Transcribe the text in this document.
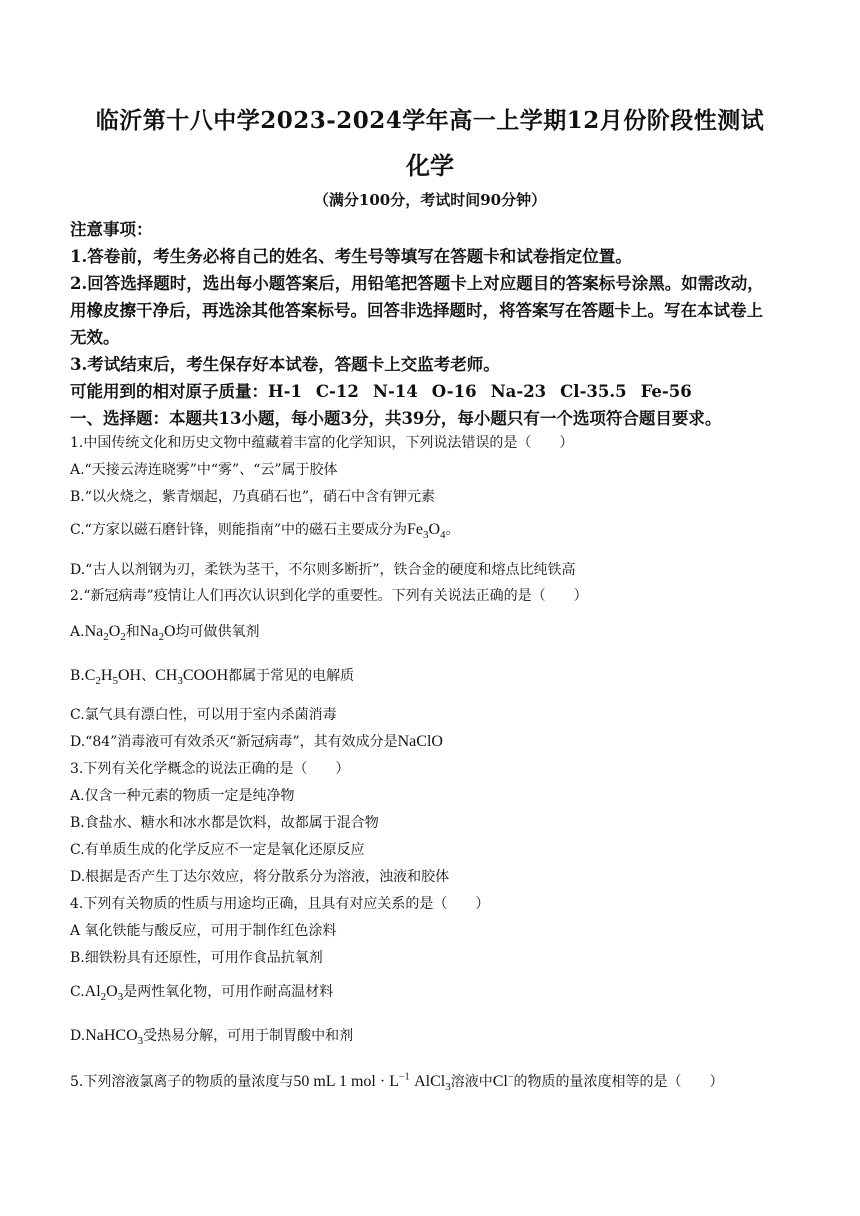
临沂第十八中学2023-2024学年高一上学期12月份阶段性测试
化学
（满分100分，考试时间90分钟）
注意事项：
1.答卷前，考生务必将自己的姓名、考生号等填写在答题卡和试卷指定位置。
2.回答选择题时，选出每小题答案后，用铅笔把答题卡上对应题目的答案标号涂黑。如需改动，
用橡皮擦干净后，再选涂其他答案标号。回答非选择题时，将答案写在答题卡上。写在本试卷上
无效。
3.考试结束后，考生保存好本试卷，答题卡上交监考老师。
可能用到的相对原子质量：H-1 C-12 N-14 O-16 Na-23 Cl-35.5 Fe-56
一、选择题：本题共13小题，每小题3分，共39分，每小题只有一个选项符合题目要求。
1.中国传统文化和历史文物中蕴藏着丰富的化学知识，下列说法错误的是（　　）
A.“天接云涛连晓雾”中“雾”、“云”属于胶体
B.“以火烧之，紫青烟起，乃真硝石也”，硝石中含有钾元素
C.“方家以磁石磨针锋，则能指南”中的磁石主要成分为$Fe_3O_4$。
D.“古人以剂钢为刃，柔铁为茎干，不尔则多断折”，铁合金的硬度和熔点比纯铁高
2.“新冠病毒”疫情让人们再次认识到化学的重要性。下列有关说法正确的是（　　）
$A.Na_2O_2$和$Na_2O$均可做供氧剂
$B.C_2H_5OH$、$CH_3COOH$都属于常见的电解质
C.氯气具有漂白性，可以用于室内杀菌消毒
D.“84”消毒液可有效杀灭“新冠病毒”，其有效成分是NaClO
3.下列有关化学概念的说法正确的是（　　）
A.仅含一种元素的物质一定是纯净物
B.食盐水、糖水和冰水都是饮料，故都属于混合物
C.有单质生成的化学反应不一定是氧化还原反应
D.根据是否产生丁达尔效应，将分散系分为溶液，浊液和胶体
4.下列有关物质的性质与用途均正确，且具有对应关系的是（　　）
A 氧化铁能与酸反应，可用于制作红色涂料
B.细铁粉具有还原性，可用作食品抗氧剂
$C.Al_2O_3$是两性氧化物，可用作耐高温材料
D.NaHCO$_3$受热易分解，可用于制胃酸中和剂
5.下列溶液氯离子的物质的量浓度与50 mL 1 mol · $L^{-1}$ AlCl$_3$溶液中Cl−的物质的量浓度相等的是（　　）
